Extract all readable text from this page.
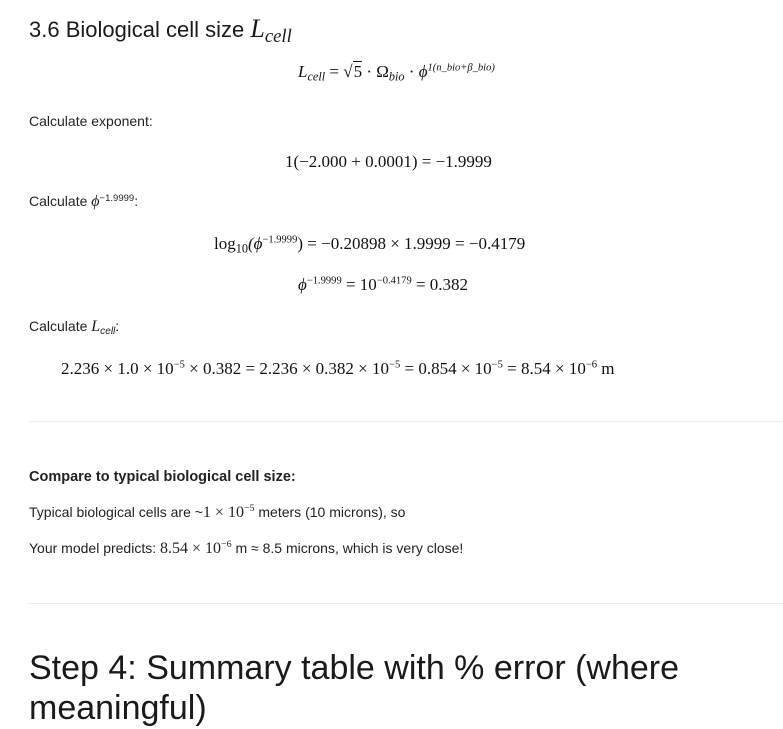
3.6 Biological cell size $L_{cell}$
$L_{cell} = √5 \cdot \Omega_{bio} \cdot \phi^{1(n\_bio+\beta\_bio)}$
Calculate exponent:
1(−2.000 + 0.0001) = −1.9999
Calculate $\phi^{-1.9999}$:
$\log_{10}(\phi^{-1.9999}) = -0.20898 \times 1.9999 = -0.4179$
$\phi^{-1.9999} = 10^{-0.4179} = 0.382$
Calculate $L_{cell}$:
$2.236 \times 1.0 \times 10^{-5} \times 0.382 = 2.236 \times 0.382 \times 10^{-5} = 0.854 \times 10^{-5} = 8.54 \times 10^{-6}$ m
Compare to typical biological cell size:
Typical biological cells are ~1 × $10^{-5}$ meters (10 microns), so
Your model predicts: $8.54 \times 10^{-6}$ m ≈ 8.5 microns, which is very close!
Step 4: Summary table with % error (where meaningful)
